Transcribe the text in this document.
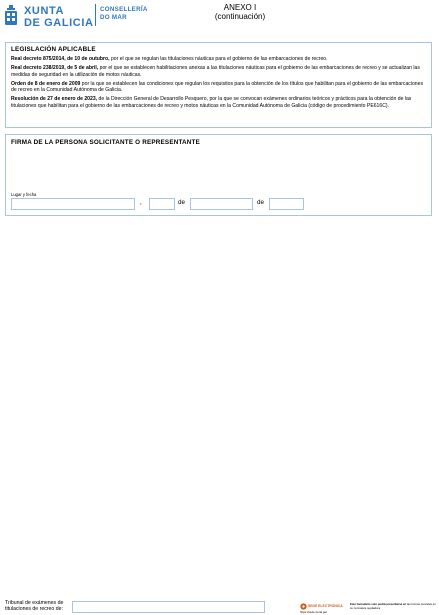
XUNTA
DE GALICIA
CONSELLERÍA
DO MAR
ANEXO I
(continuación)
LEGISLACIÓN APLICABLE
Real decreto 875/2014, de 10 de outubro, por el que se regulan las titulaciones náuticas para el gobierno de las embarcaciones de recreo.
Real decreto 238/2019, de 5 de abril, por el que se establecen habilitaciones anexas a las titulaciones náuticas para el gobierno de las embarcaciones de recreo y se actualizan las medidas de seguridad en la utilización de motos náuticas.
Orden de 8 de enero de 2009 por la que se establecen las condiciones que regulan los requisitos para la obtención de los títulos que habilitan para el gobierno de las embarcaciones de recreo en la Comunidad Autónoma de Galicia.
Resolución de 27 de enero de 2023, de la Dirección General de Desarrollo Pesquero, por la que se convocan exámenes ordinarios teóricos y prácticos para la obtención de las titulaciones que habilitan para el gobierno de las embarcaciones de recreo y motos náuticas en la Comunidad Autónoma de Galicia (código de procedimiento PE616C).
FIRMA DE LA PERSONA SOLICITANTE O REPRESENTANTE
Lugar y fecha
,	de	de
Tribunal de exámenes de titulaciones de recreo de:
SEDE ELECTRÓNICA
https://sede.xunta.gal
Este formulario solo podrá presentarse en las formas previstas en su normativa reguladora
